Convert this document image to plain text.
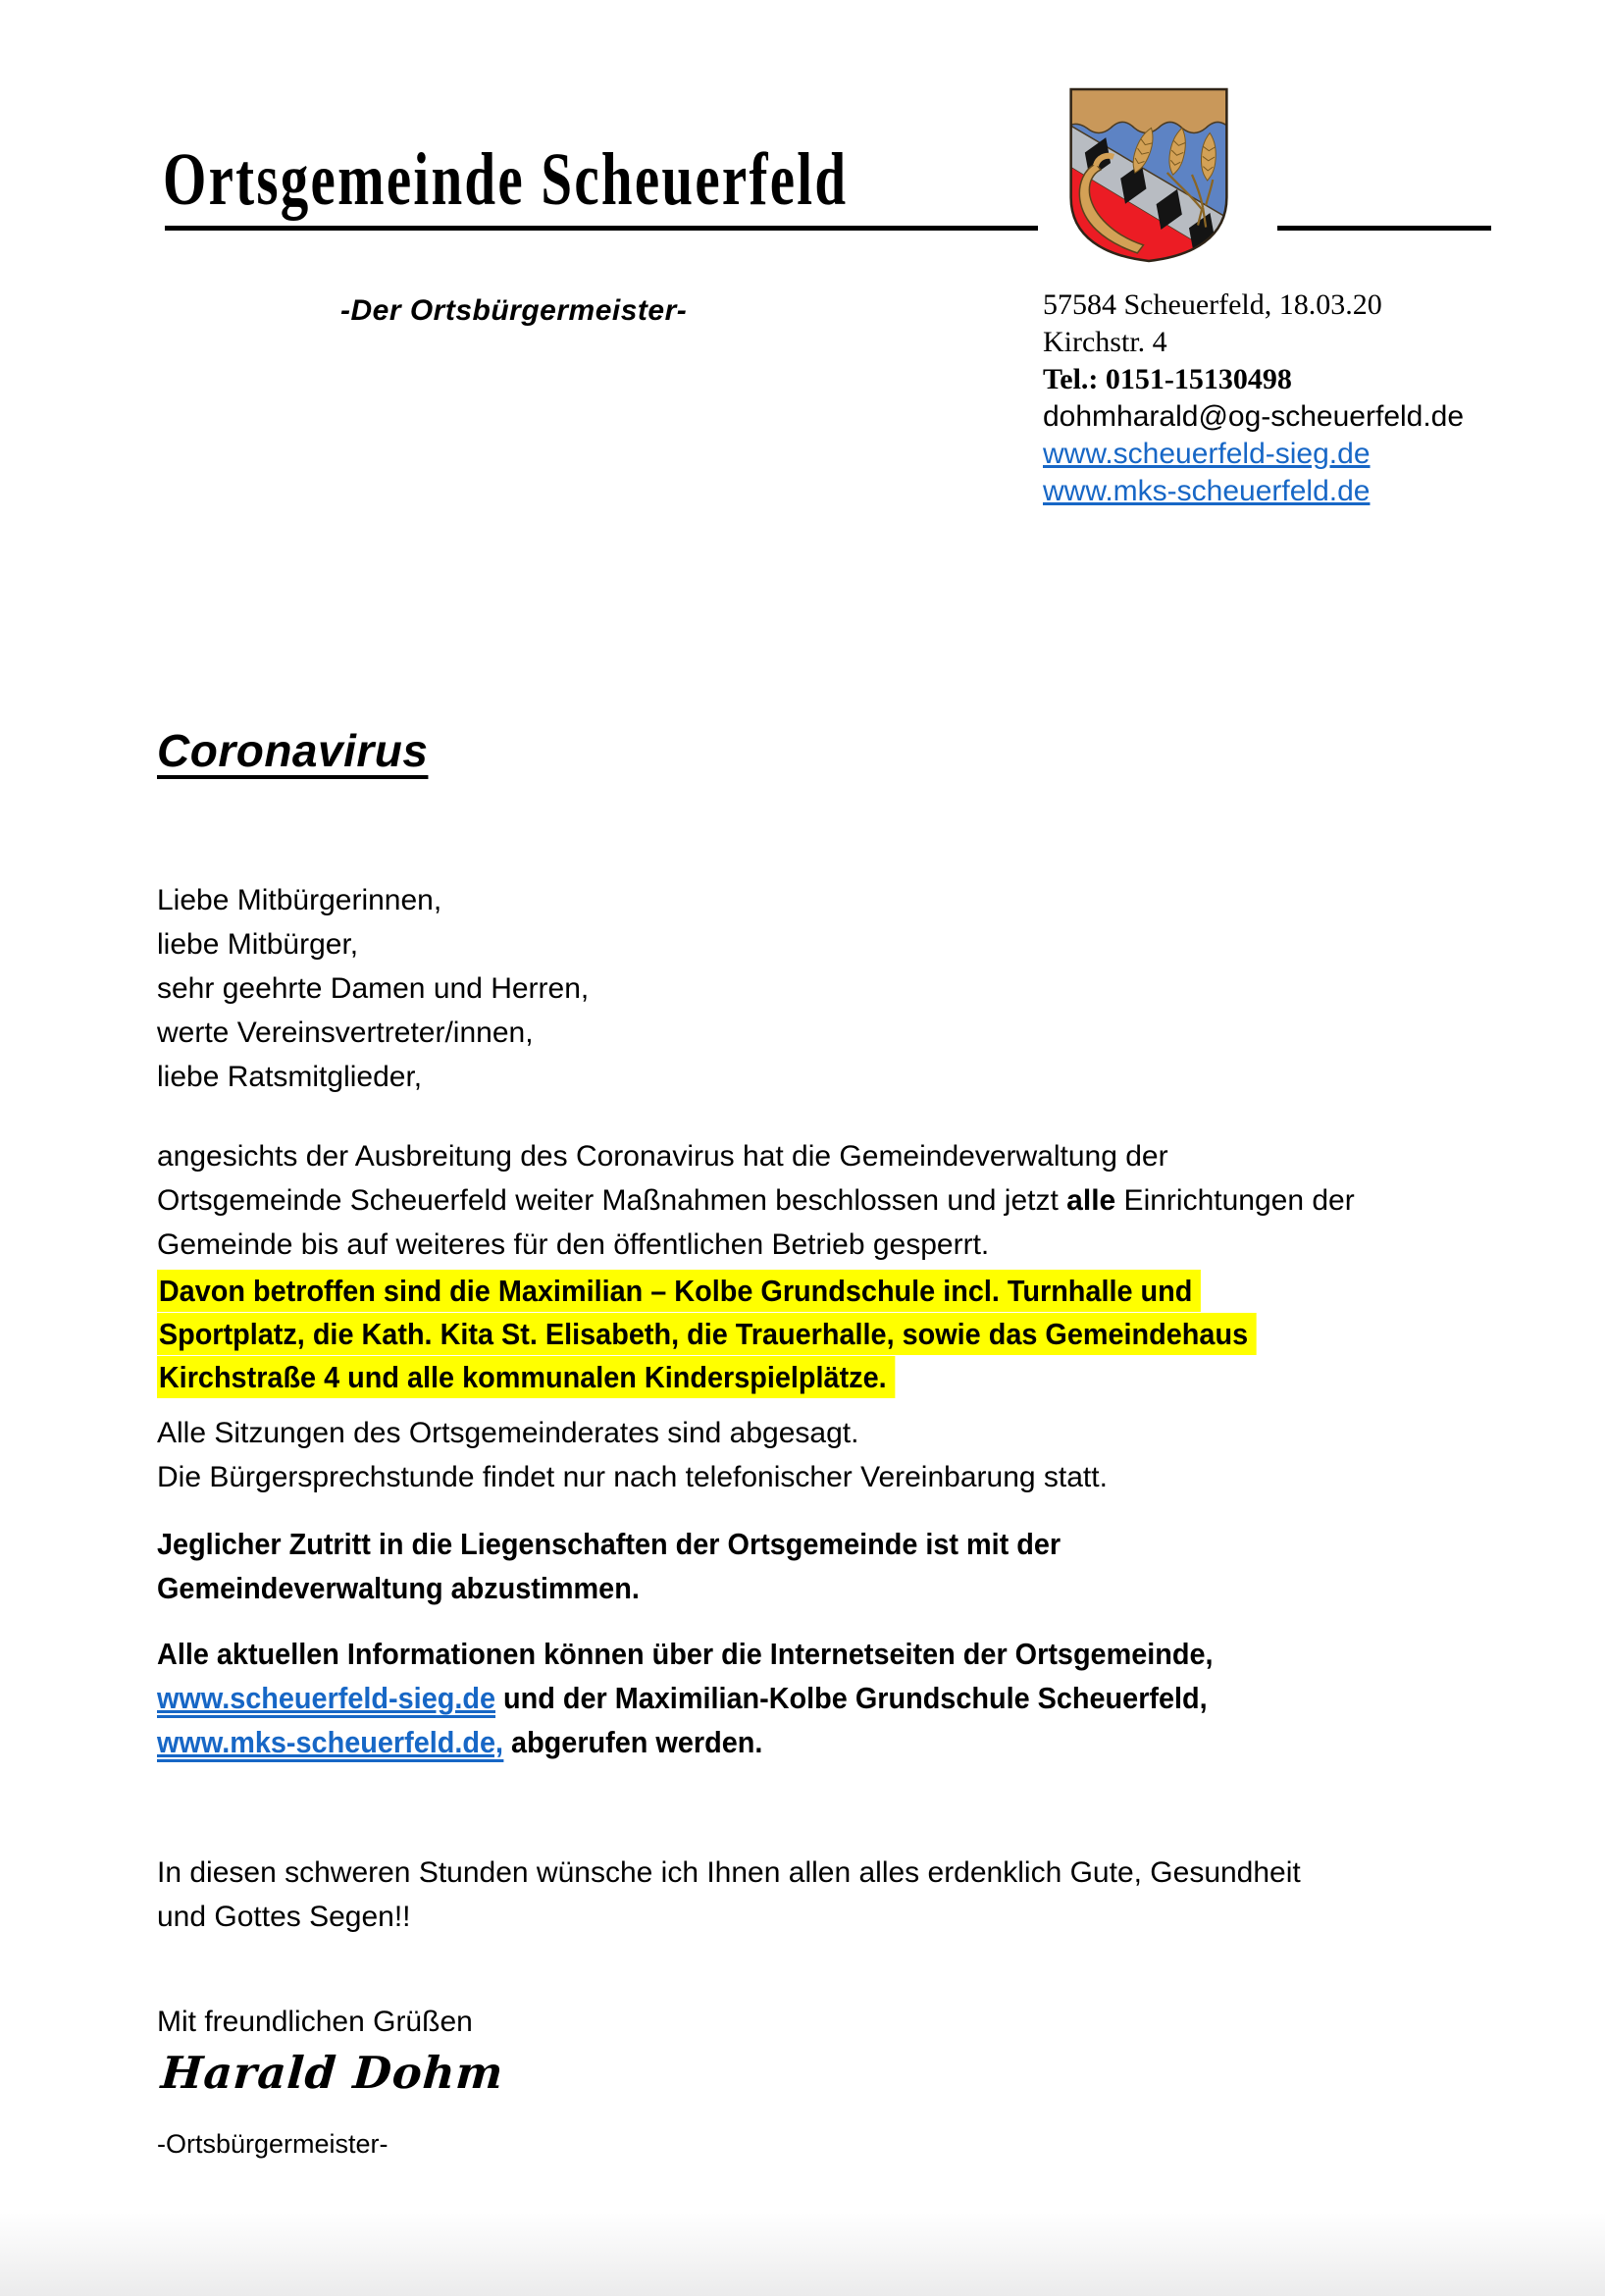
Ortsgemeinde Scheuerfeld
-Der Ortsbürgermeister-	57584 Scheuerfeld, 18.03.20
Kirchstr. 4
Tel.: 0151-15130498
dohmharald@og-scheuerfeld.de
www.scheuerfeld-sieg.de
www.mks-scheuerfeld.de
Coronavirus
Liebe Mitbürgerinnen,
liebe Mitbürger,
sehr geehrte Damen und Herren,
werte Vereinsvertreter/innen,
liebe Ratsmitglieder,
angesichts der Ausbreitung des Coronavirus hat die Gemeindeverwaltung der
Ortsgemeinde Scheuerfeld weiter Maßnahmen beschlossen und jetzt alle Einrichtungen der
Gemeinde bis auf weiteres für den öffentlichen Betrieb gesperrt.
Davon betroffen sind die Maximilian – Kolbe Grundschule incl. Turnhalle und
Sportplatz, die Kath. Kita St. Elisabeth, die Trauerhalle, sowie das Gemeindehaus
Kirchstraße 4 und alle kommunalen Kinderspielplätze.
Alle Sitzungen des Ortsgemeinderates sind abgesagt.
Die Bürgersprechstunde findet nur nach telefonischer Vereinbarung statt.
Jeglicher Zutritt in die Liegenschaften der Ortsgemeinde ist mit der
Gemeindeverwaltung abzustimmen.
Alle aktuellen Informationen können über die Internetseiten der Ortsgemeinde,
www.scheuerfeld-sieg.de und der Maximilian-Kolbe Grundschule Scheuerfeld,
www.mks-scheuerfeld.de, abgerufen werden.
In diesen schweren Stunden wünsche ich Ihnen allen alles erdenklich Gute, Gesundheit
und Gottes Segen!!
Mit freundlichen Grüßen
Harald Dohm
-Ortsbürgermeister-
